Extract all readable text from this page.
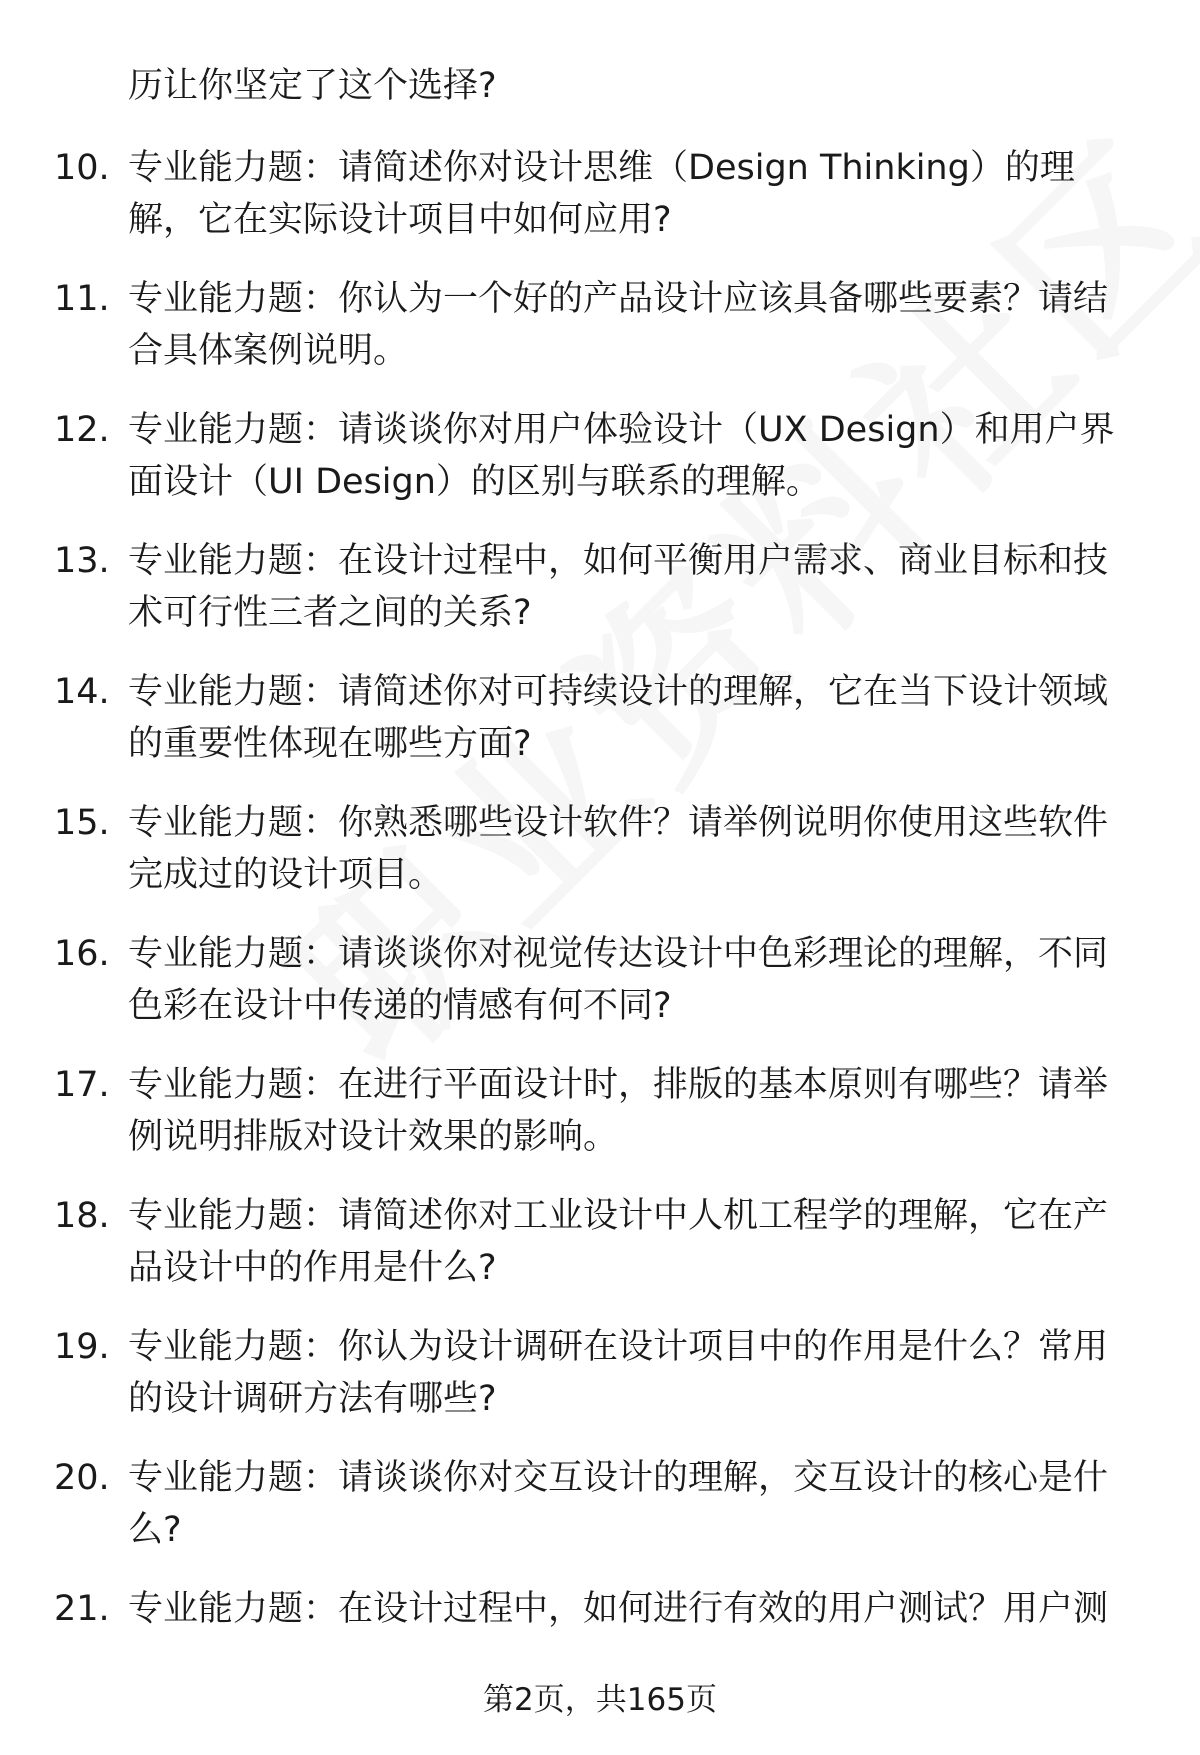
历让你坚定了这个选择?
10. 专业能力题：请简述你对设计思维（Design Thinking）的理
解，它在实际设计项目中如何应用?
11. 专业能力题：你认为一个好的产品设计应该具备哪些要素？请结
合具体案例说明。
12. 专业能力题：请谈谈你对用户体验设计（UX Design）和用户界
面设计（UI Design）的区别与联系的理解。
13. 专业能力题：在设计过程中，如何平衡用户需求、商业目标和技
术可行性三者之间的关系?
14. 专业能力题：请简述你对可持续设计的理解，它在当下设计领域
的重要性体现在哪些方面?
15. 专业能力题：你熟悉哪些设计软件？请举例说明你使用这些软件
完成过的设计项目。
16. 专业能力题：请谈谈你对视觉传达设计中色彩理论的理解，不同
色彩在设计中传递的情感有何不同?
17. 专业能力题：在进行平面设计时，排版的基本原则有哪些？请举
例说明排版对设计效果的影响。
18. 专业能力题：请简述你对工业设计中人机工程学的理解，它在产
品设计中的作用是什么?
19. 专业能力题：你认为设计调研在设计项目中的作用是什么？常用
的设计调研方法有哪些?
20. 专业能力题：请谈谈你对交互设计的理解，交互设计的核心是什
么?
21. 专业能力题：在设计过程中，如何进行有效的用户测试？用户测
第2页，共165页
